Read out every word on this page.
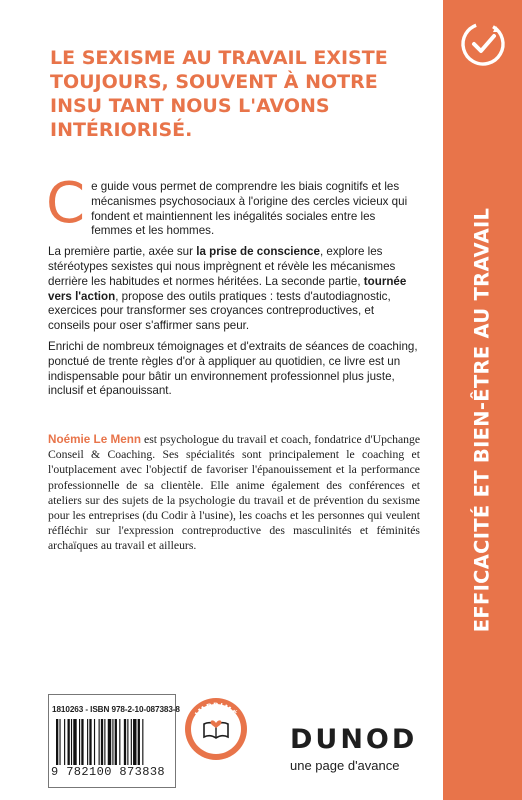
EFFICACITÉ ET BIEN-ÊTRE AU TRAVAIL
LE SEXISME AU TRAVAIL EXISTE TOUJOURS, SOUVENT À NOTRE INSU TANT NOUS L'AVONS INTÉRIORISÉ.

C e guide vous permet de comprendre les biais cognitifs et les mécanismes psychosociaux à l'origine des cercles vicieux qui fondent et maintiennent les inégalités sociales entre les femmes et les hommes.

La première partie, axée sur la prise de conscience, explore les stéréotypes sexistes qui nous imprègnent et révèle les mécanismes derrière les habitudes et normes héritées. La seconde partie, tournée vers l'action, propose des outils pratiques : tests d'autodiagnostic, exercices pour transformer ses croyances contreproductives, et conseils pour oser s'affirmer sans peur.

Enrichi de nombreux témoignages et d'extraits de séances de coaching, ponctué de trente règles d'or à appliquer au quotidien, ce livre est un indispensable pour bâtir un environnement professionnel plus juste, inclusif et épanouissant.

Noémie Le Menn est psychologue du travail et coach, fondatrice d'Upchange Conseil & Coaching. Ses spécialités sont principalement le coaching et l'outplacement avec l'objectif de favoriser l'épanouissement et la performance professionnelle de sa clientèle. Elle anime également des conférences et ateliers sur des sujets de la psychologie du travail et de prévention du sexisme pour les entreprises (du Codir à l'usine), les coachs et les personnes qui veulent réfléchir sur l'expression contreproductive des masculinités et féminités archaïques au travail et ailleurs.
1810263 - ISBN 978-2-10-087383-8
9 782100 873838
IMPRIMÉ
EN FRANCE DUNOD
une page d'avance
